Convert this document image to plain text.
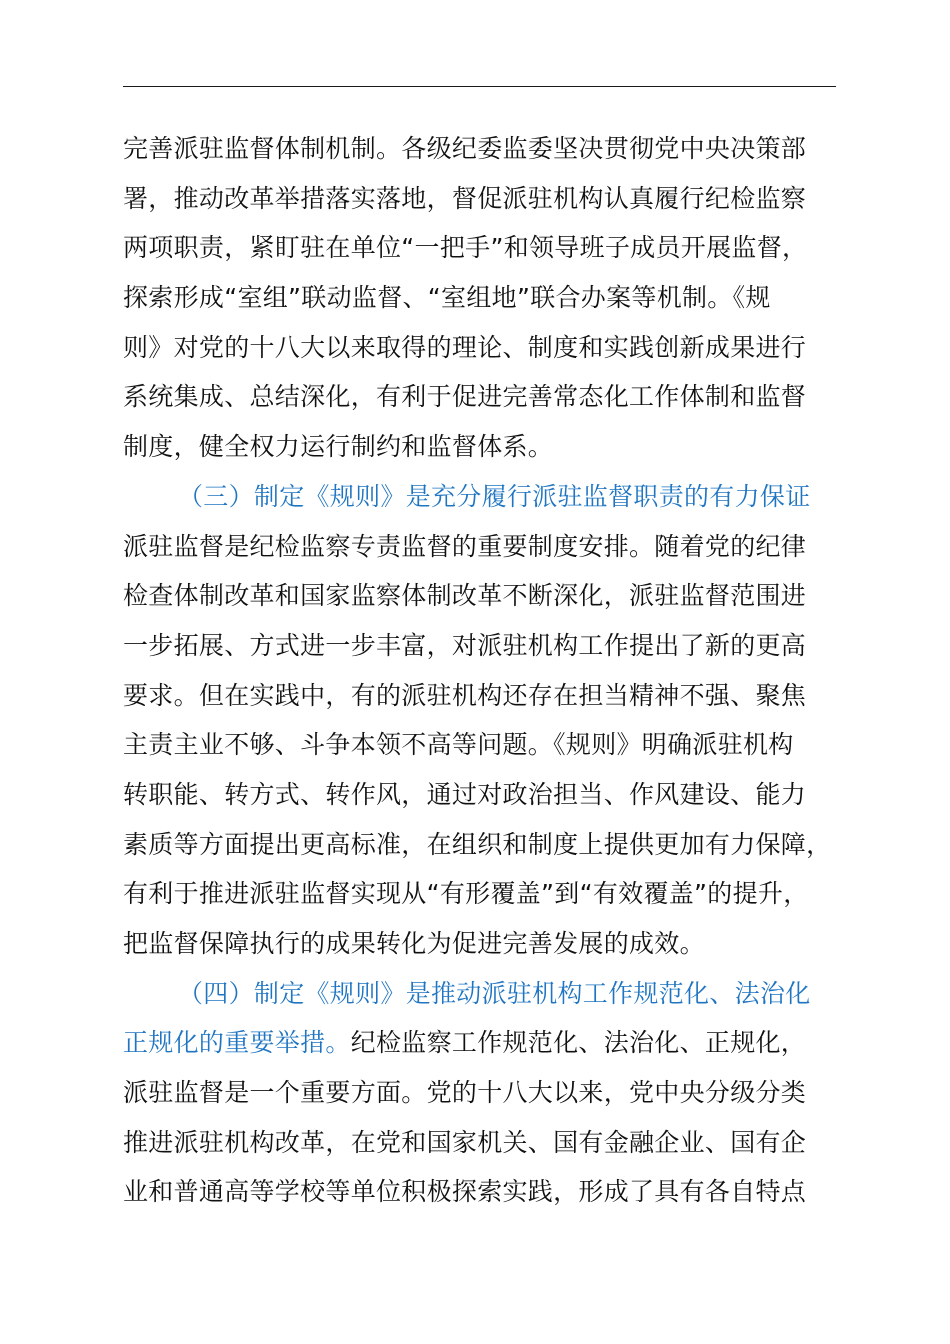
完善派驻监督体制机制。各级纪委监委坚决贯彻党中央决策部
署，推动改革举措落实落地，督促派驻机构认真履行纪检监察
两项职责，紧盯驻在单位“一把手”和领导班子成员开展监督，
探索形成“室组”联动监督、“室组地”联合办案等机制。《规
则》对党的十八大以来取得的理论、制度和实践创新成果进行
系统集成、总结深化，有利于促进完善常态化工作体制和监督
制度，健全权力运行制约和监督体系。
（三）制定《规则》是充分履行派驻监督职责的有力保证
派驻监督是纪检监察专责监督的重要制度安排。随着党的纪律
检查体制改革和国家监察体制改革不断深化，派驻监督范围进
一步拓展、方式进一步丰富，对派驻机构工作提出了新的更高
要求。但在实践中，有的派驻机构还存在担当精神不强、聚焦
主责主业不够、斗争本领不高等问题。《规则》明确派驻机构
转职能、转方式、转作风，通过对政治担当、作风建设、能力
素质等方面提出更高标准，在组织和制度上提供更加有力保障，
有利于推进派驻监督实现从“有形覆盖”到“有效覆盖”的提升，
把监督保障执行的成果转化为促进完善发展的成效。
（四）制定《规则》是推动派驻机构工作规范化、法治化
正规化的重要举措。纪检监察工作规范化、法治化、正规化，
派驻监督是一个重要方面。党的十八大以来，党中央分级分类
推进派驻机构改革，在党和国家机关、国有金融企业、国有企
业和普通高等学校等单位积极探索实践，形成了具有各自特点
